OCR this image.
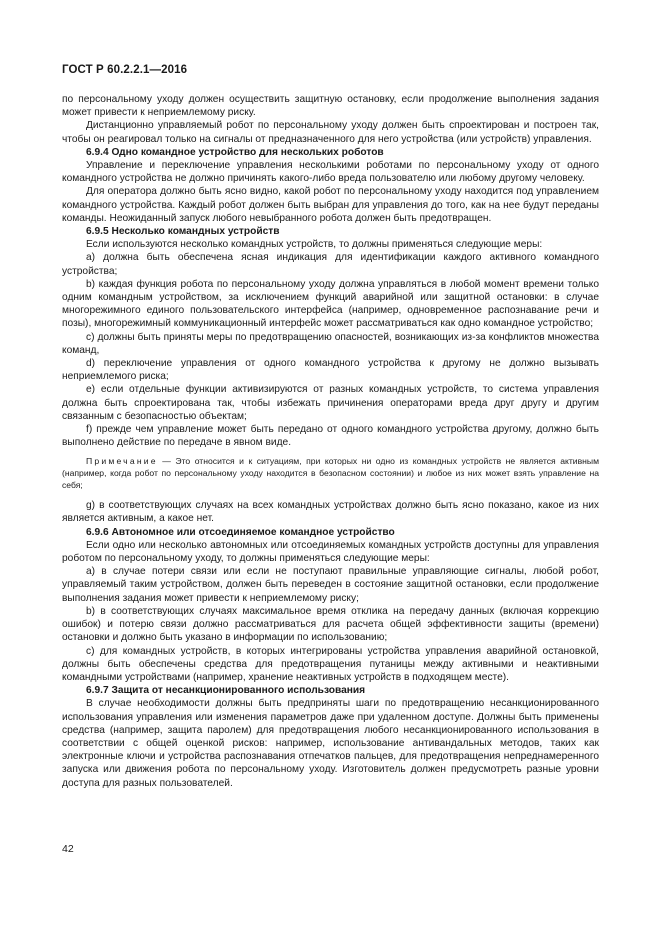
ГОСТ Р 60.2.2.1—2016

по персональному уходу должен осуществить защитную остановку, если продолжение выполнения задания может привести к неприемлемому риску.

Дистанционно управляемый робот по персональному уходу должен быть спроектирован и построен так, чтобы он реагировал только на сигналы от предназначенного для него устройства (или устройств) управления.

6.9.4 Одно командное устройство для нескольких роботов

Управление и переключение управления несколькими роботами по персональному уходу от одного командного устройства не должно причинять какого-либо вреда пользователю или любому другому человеку.

Для оператора должно быть ясно видно, какой робот по персональному уходу находится под управлением командного устройства. Каждый робот должен быть выбран для управления до того, как на нее будут переданы команды. Неожиданный запуск любого невыбранного робота должен быть предотвращен.

6.9.5 Несколько командных устройств

Если используются несколько командных устройств, то должны применяться следующие меры:

a) должна быть обеспечена ясная индикация для идентификации каждого активного командного устройства;

b) каждая функция робота по персональному уходу должна управляться в любой момент времени только одним командным устройством, за исключением функций аварийной или защитной остановки: в случае многорежимного единого пользовательского интерфейса (например, одновременное распознавание речи и позы), многорежимный коммуникационный интерфейс может рассматриваться как одно командное устройство;

c) должны быть приняты меры по предотвращению опасностей, возникающих из-за конфликтов множества команд,

d) переключение управления от одного командного устройства к другому не должно вызывать неприемлемого риска;

e) если отдельные функции активизируются от разных командных устройств, то система управления должна быть спроектирована так, чтобы избежать причинения операторами вреда друг другу и другим связанным с безопасностью объектам;

f) прежде чем управление может быть передано от одного командного устройства другому, должно быть выполнено действие по передаче в явном виде.

Примечание — Это относится и к ситуациям, при которых ни одно из командных устройств не является активным (например, когда робот по персональному уходу находится в безопасном состоянии) и любое из них может взять управление на себя;

g) в соответствующих случаях на всех командных устройствах должно быть ясно показано, какое из них является активным, а какое нет.

6.9.6 Автономное или отсоединяемое командное устройство

Если одно или несколько автономных или отсоединяемых командных устройств доступны для управления роботом по персональному уходу, то должны применяться следующие меры:

a) в случае потери связи или если не поступают правильные управляющие сигналы, любой робот, управляемый таким устройством, должен быть переведен в состояние защитной остановки, если продолжение выполнения задания может привести к неприемлемому риску;

b) в соответствующих случаях максимальное время отклика на передачу данных (включая коррекцию ошибок) и потерю связи должно рассматриваться для расчета общей эффективности защиты (времени) остановки и должно быть указано в информации по использованию;

c) для командных устройств, в которых интегрированы устройства управления аварийной остановкой, должны быть обеспечены средства для предотвращения путаницы между активными и неактивными командными устройствами (например, хранение неактивных устройств в подходящем месте).

6.9.7 Защита от несанкционированного использования

В случае необходимости должны быть предприняты шаги по предотвращению несанкционированного использования управления или изменения параметров даже при удаленном доступе. Должны быть применены средства (например, защита паролем) для предотвращения любого несанкционированного использования в соответствии с общей оценкой рисков: например, использование антивандальных методов, таких как электронные ключи и устройства распознавания отпечатков пальцев, для предотвращения непреднамеренного запуска или движения робота по персональному уходу. Изготовитель должен предусмотреть разные уровни доступа для разных пользователей.

42
